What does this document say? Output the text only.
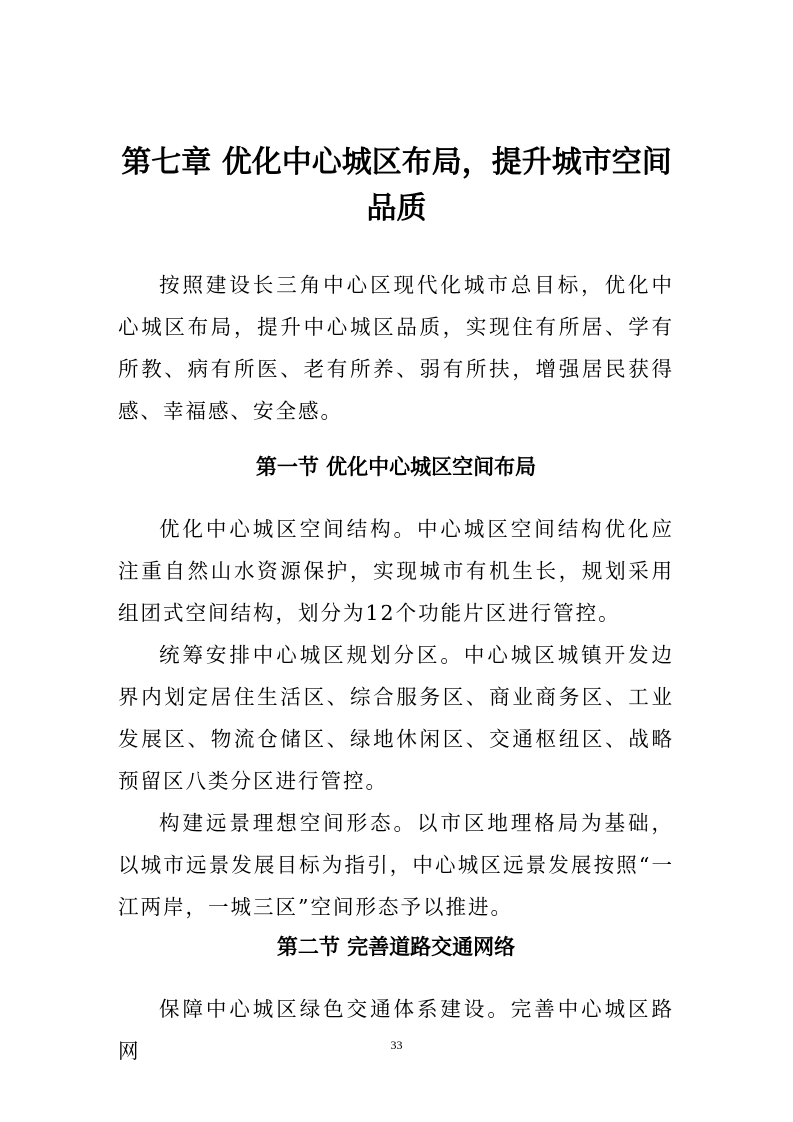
第七章 优化中心城区布局，提升城市空间品质
按照建设长三角中心区现代化城市总目标，优化中心城区布局，提升中心城区品质，实现住有所居、学有所教、病有所医、老有所养、弱有所扶，增强居民获得感、幸福感、安全感。
第一节 优化中心城区空间布局
优化中心城区空间结构。中心城区空间结构优化应注重自然山水资源保护，实现城市有机生长，规划采用组团式空间结构，划分为12个功能片区进行管控。
统筹安排中心城区规划分区。中心城区城镇开发边界内划定居住生活区、综合服务区、商业商务区、工业发展区、物流仓储区、绿地休闲区、交通枢纽区、战略预留区八类分区进行管控。
构建远景理想空间形态。以市区地理格局为基础，以城市远景发展目标为指引，中心城区远景发展按照“一江两岸，一城三区”空间形态予以推进。
第二节 完善道路交通网络
保障中心城区绿色交通体系建设。完善中心城区路网	33
